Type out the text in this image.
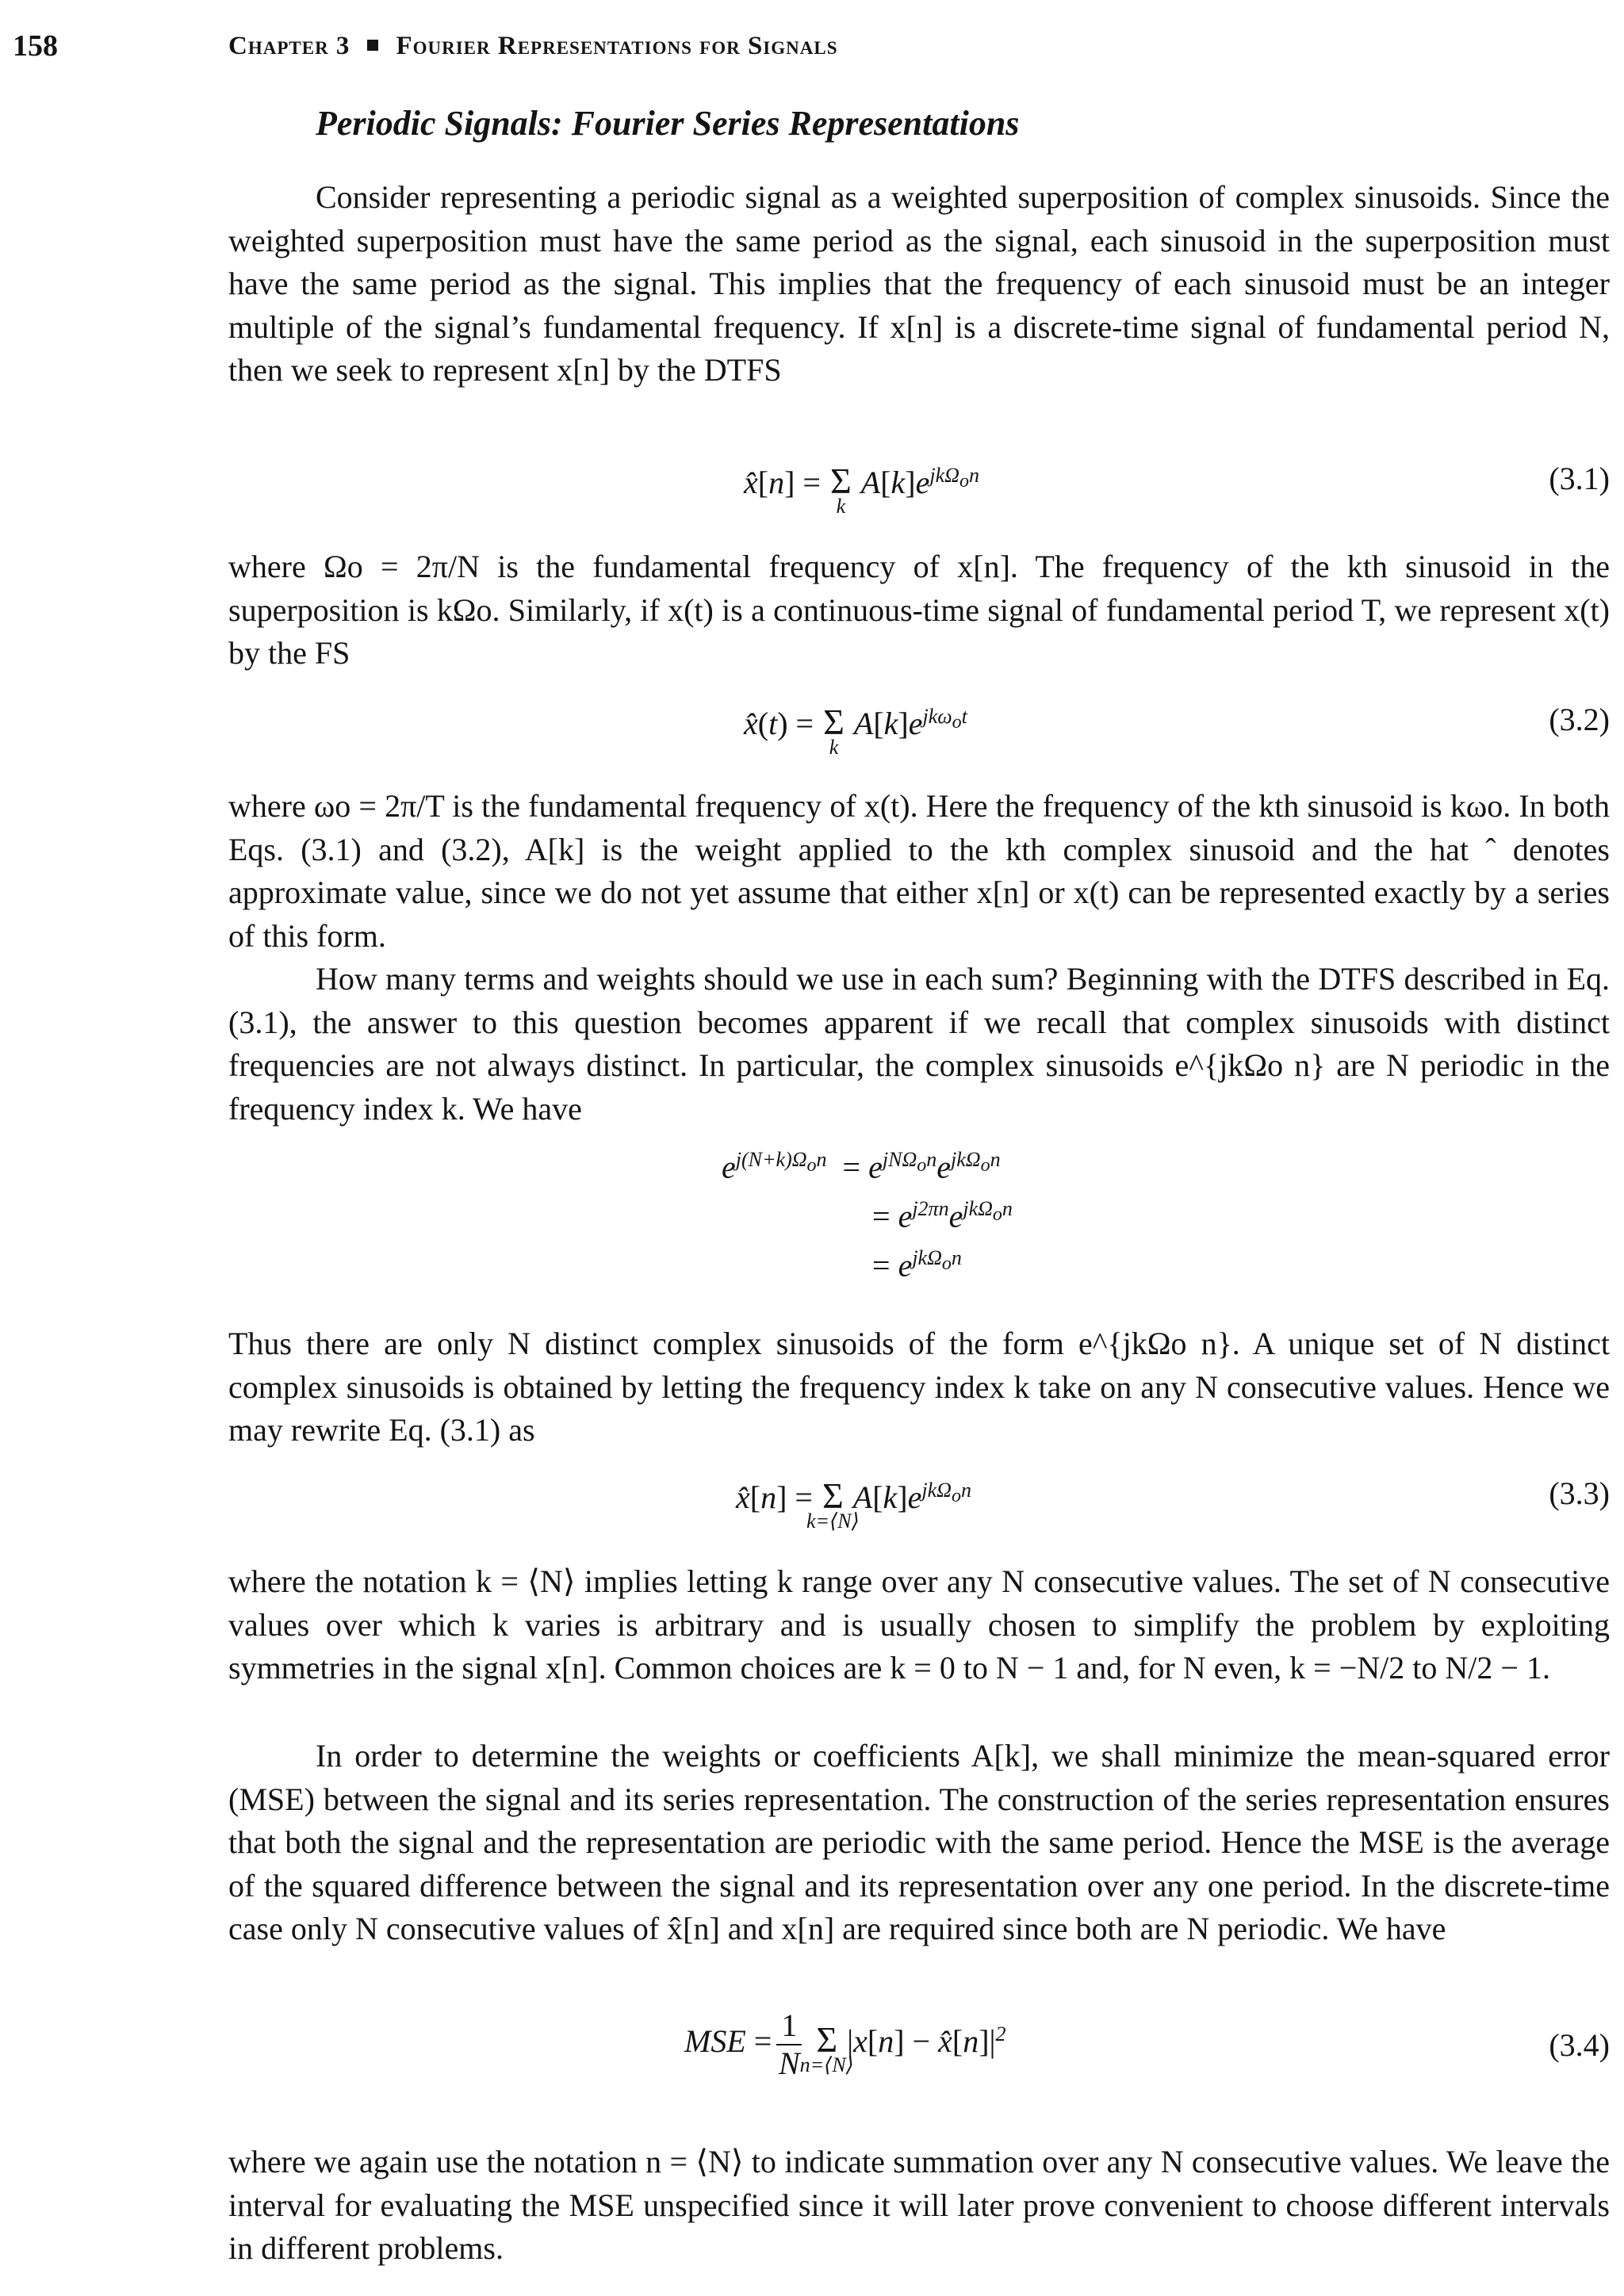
158	Chapter 3 Fourier Representations for Signals
Periodic Signals: Fourier Series Representations

Consider representing a periodic signal as a weighted superposition of complex sinusoids. Since the weighted superposition must have the same period as the signal, each sinusoid in the superposition must have the same period as the signal. This implies that the frequency of each sinusoid must be an integer multiple of the signal’s fundamental frequency. If x[n] is a discrete-time signal of fundamental period N, then we seek to represent x[n] by the DTFS

x̂[n] = Σ
k
$A[k]e^{jk\Omega_on}$	(3.1)

where Ωo = 2π/N is the fundamental frequency of x[n]. The frequency of the kth sinusoid in the superposition is kΩo. Similarly, if x(t) is a continuous-time signal of fundamental period T, we represent x(t) by the FS

x̂(t) = Σ
k
$A[k]e^{jk\omega_ot}$	(3.2)

where ωo = 2π/T is the fundamental frequency of x(t). Here the frequency of the kth sinusoid is kωo. In both Eqs. (3.1) and (3.2), A[k] is the weight applied to the kth complex sinusoid and the hat ˆ denotes approximate value, since we do not yet assume that either x[n] or x(t) can be represented exactly by a series of this form.

How many terms and weights should we use in each sum? Beginning with the DTFS described in Eq. (3.1), the answer to this question becomes apparent if we recall that complex sinusoids with distinct frequencies are not always distinct. In particular, the complex sinusoids e^{jkΩo n} are N periodic in the frequency index k. We have

$e^{j(N+k)\Omega_on} = e^{jN\Omega_on}e^{jk\Omega_on}$
= $e^{j2\pi n}e^{jk\Omega_on}$
= $e^{jk\Omega_on}$

Thus there are only N distinct complex sinusoids of the form e^{jkΩo n}. A unique set of N distinct complex sinusoids is obtained by letting the frequency index k take on any N consecutive values. Hence we may rewrite Eq. (3.1) as

x̂[n] = Σ
k=⟨N⟩
$A[k]e^{jk\Omega_on}$	(3.3)

where the notation k = ⟨N⟩ implies letting k range over any N consecutive values. The set of N consecutive values over which k varies is arbitrary and is usually chosen to simplify the problem by exploiting symmetries in the signal x[n]. Common choices are k = 0 to N − 1 and, for N even, k = −N/2 to N/2 − 1.

In order to determine the weights or coefficients A[k], we shall minimize the mean-squared error (MSE) between the signal and its series representation. The construction of the series representation ensures that both the signal and the representation are periodic with the same period. Hence the MSE is the average of the squared difference between the signal and its representation over any one period. In the discrete-time case only N consecutive values of x̂[n] and x[n] are required since both are N periodic. We have

MSE = $\frac{1}{N}$ Σ
n=⟨N⟩
$|x[n] - x̂[n]|^2$	(3.4)

where we again use the notation n = ⟨N⟩ to indicate summation over any N consecutive values. We leave the interval for evaluating the MSE unspecified since it will later prove convenient to choose different intervals in different problems.
